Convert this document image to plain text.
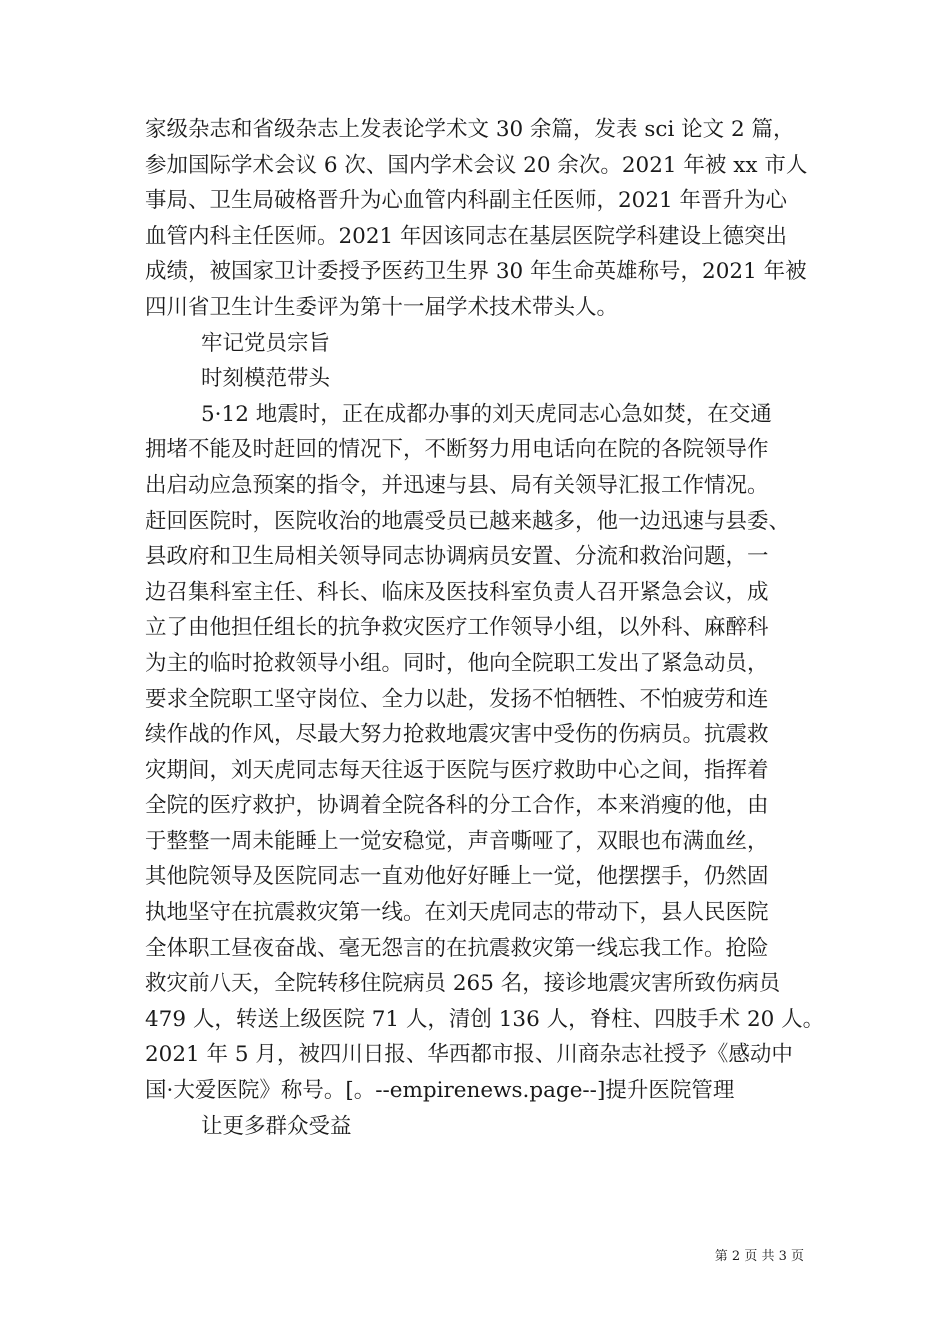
家级杂志和省级杂志上发表论学术文 30 余篇，发表 sci 论文 2 篇，
参加国际学术会议 6 次、国内学术会议 20 余次。2021 年被 xx 市人
事局、卫生局破格晋升为心血管内科副主任医师，2021 年晋升为心
血管内科主任医师。2021 年因该同志在基层医院学科建设上德突出
成绩，被国家卫计委授予医药卫生界 30 年生命英雄称号，2021 年被
四川省卫生计生委评为第十一届学术技术带头人。
牢记党员宗旨
时刻模范带头
5·12 地震时，正在成都办事的刘天虎同志心急如焚，在交通
拥堵不能及时赶回的情况下，不断努力用电话向在院的各院领导作
出启动应急预案的指令，并迅速与县、局有关领导汇报工作情况。
赶回医院时，医院收治的地震受员已越来越多，他一边迅速与县委、
县政府和卫生局相关领导同志协调病员安置、分流和救治问题，一
边召集科室主任、科长、临床及医技科室负责人召开紧急会议，成
立了由他担任组长的抗争救灾医疗工作领导小组，以外科、麻醉科
为主的临时抢救领导小组。同时，他向全院职工发出了紧急动员，
要求全院职工坚守岗位、全力以赴，发扬不怕牺牲、不怕疲劳和连
续作战的作风，尽最大努力抢救地震灾害中受伤的伤病员。抗震救
灾期间，刘天虎同志每天往返于医院与医疗救助中心之间，指挥着
全院的医疗救护，协调着全院各科的分工合作，本来消瘦的他，由
于整整一周未能睡上一觉安稳觉，声音嘶哑了，双眼也布满血丝，
其他院领导及医院同志一直劝他好好睡上一觉，他摆摆手，仍然固
执地坚守在抗震救灾第一线。在刘天虎同志的带动下，县人民医院
全体职工昼夜奋战、毫无怨言的在抗震救灾第一线忘我工作。抢险
救灾前八天，全院转移住院病员 265 名，接诊地震灾害所致伤病员
479 人，转送上级医院 71 人，清创 136 人，脊柱、四肢手术 20 人。
2021 年 5 月，被四川日报、华西都市报、川商杂志社授予《感动中
国·大爱医院》称号。[。--empirenews.page--]提升医院管理
让更多群众受益
第 2 页 共 3 页
